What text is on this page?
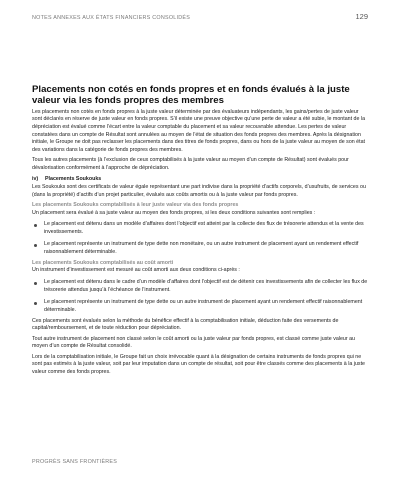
NOTES ANNEXES AUX ÉTATS FINANCIERS CONSOLIDÉS	129
Placements non cotés en fonds propres et en fonds évalués à la juste valeur via les fonds propres des membres

Les placements non cotés en fonds propres à la juste valeur déterminée par des évaluateurs indépendants, les gains/pertes de juste valeur sont déclarés en réserve de juste valeur en fonds propres. S’il existe une preuve objective qu’une perte de valeur a été subie, le montant de la dépréciation est évalué comme l’écart entre la valeur comptable du placement et sa valeur recouvrable attendue. Les pertes de valeur constatées dans un compte de Résultat sont annulées au moyen de l’état de situation des fonds propres des membres. Après la désignation initiale, le Groupe ne doit pas reclasser les placements dans des titres de fonds propres, dans ou hors de la juste valeur au moyen de son état des variations dans la catégorie de fonds propres des membres.

Tous les autres placements (à l’exclusion de ceux comptabilisés à la juste valeur au moyen d’un compte de Résultat) sont évalués pour dévalorisation conformément à l’approche de dépréciation.

iv) Placements Soukouks

Les Soukouks sont des certificats de valeur égale représentant une part indivise dans la propriété d’actifs corporels, d’usufruits, de services ou (dans la propriété) d’actifs d’un projet particulier, évalués aux coûts amortis ou à la juste valeur par fonds propres.

Les placements Soukouks comptabilisés à leur juste valeur via des fonds propres

Un placement sera évalué à sa juste valeur au moyen des fonds propres, si les deux conditions suivantes sont remplies :

Le placement est détenu dans un modèle d’affaires dont l’objectif est atteint par la collecte des flux de trésorerie attendus et la vente des investissements.
Le placement représente un instrument de type dette non monétaire, ou un autre instrument de placement ayant un rendement effectif raisonnablement déterminable.
Les placements Soukouks comptabilisés au coût amorti

Un instrument d’investissement est mesuré au coût amorti aux deux conditions ci-après :

Le placement est détenu dans le cadre d’un modèle d’affaires dont l’objectif est de détenir ces investissements afin de collecter les flux de trésorerie attendus jusqu’à l’échéance de l’instrument.
Le placement représente un instrument de type dette ou un autre instrument de placement ayant un rendement effectif raisonnablement déterminable.

Ces placements sont évalués selon la méthode du bénéfice effectif à la comptabilisation initiale, déduction faite des versements de capital/remboursement, et de toute réduction pour dépréciation.

Tout autre instrument de placement non classé selon le coût amorti ou la juste valeur par fonds propres, est classé comme juste valeur au moyen d’un compte de Résultat consolidé.

Lors de la comptabilisation initiale, le Groupe fait un choix irrévocable quant à la désignation de certains instruments de fonds propres qui ne sont pas estimés à la juste valeur, soit par leur imputation dans un compte de résultat, soit pour être classés comme des placements à la juste valeur comme des fonds propres.

PROGRÈS SANS FRONTIÈRES
